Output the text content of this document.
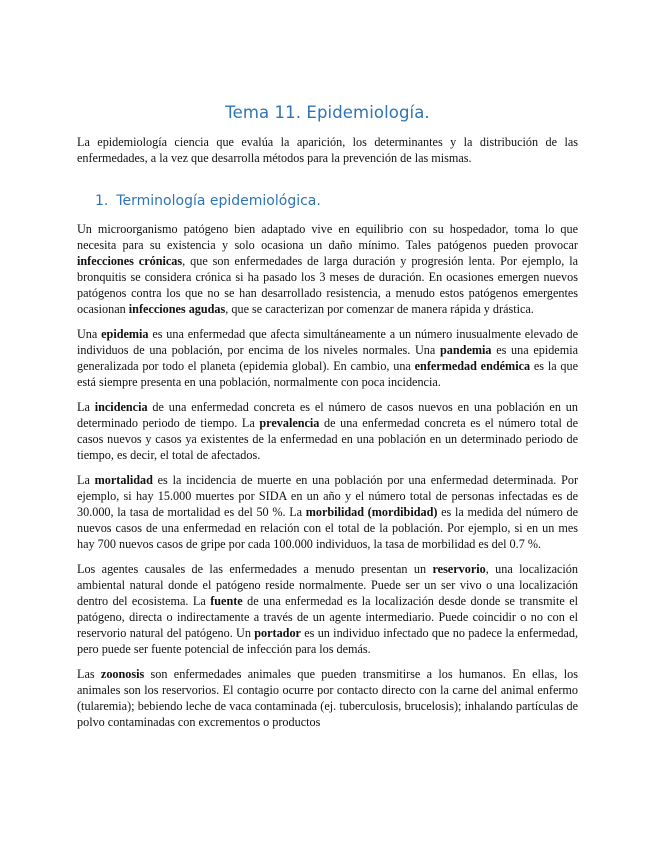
Tema 11. Epidemiología.

La epidemiología ciencia que evalúa la aparición, los determinantes y la distribución de las enfermedades, a la vez que desarrolla métodos para la prevención de las mismas.

1. Terminología epidemiológica.

Un microorganismo patógeno bien adaptado vive en equilibrio con su hospedador, toma lo que necesita para su existencia y solo ocasiona un daño mínimo. Tales patógenos pueden provocar infecciones crónicas, que son enfermedades de larga duración y progresión lenta. Por ejemplo, la bronquitis se considera crónica si ha pasado los 3 meses de duración. En ocasiones emergen nuevos patógenos contra los que no se han desarrollado resistencia, a menudo estos patógenos emergentes ocasionan infecciones agudas, que se caracterizan por comenzar de manera rápida y drástica.

Una epidemia es una enfermedad que afecta simultáneamente a un número inusualmente elevado de individuos de una población, por encima de los niveles normales. Una pandemia es una epidemia generalizada por todo el planeta (epidemia global). En cambio, una enfermedad endémica es la que está siempre presenta en una población, normalmente con poca incidencia.

La incidencia de una enfermedad concreta es el número de casos nuevos en una población en un determinado periodo de tiempo. La prevalencia de una enfermedad concreta es el número total de casos nuevos y casos ya existentes de la enfermedad en una población en un determinado periodo de tiempo, es decir, el total de afectados.

La mortalidad es la incidencia de muerte en una población por una enfermedad determinada. Por ejemplo, si hay 15.000 muertes por SIDA en un año y el número total de personas infectadas es de 30.000, la tasa de mortalidad es del 50 %. La morbilidad (mordibidad) es la medida del número de nuevos casos de una enfermedad en relación con el total de la población. Por ejemplo, si en un mes hay 700 nuevos casos de gripe por cada 100.000 individuos, la tasa de morbilidad es del 0.7 %.

Los agentes causales de las enfermedades a menudo presentan un reservorio, una localización ambiental natural donde el patógeno reside normalmente. Puede ser un ser vivo o una localización dentro del ecosistema. La fuente de una enfermedad es la localización desde donde se transmite el patógeno, directa o indirectamente a través de un agente intermediario. Puede coincidir o no con el reservorio natural del patógeno. Un portador es un individuo infectado que no padece la enfermedad, pero puede ser fuente potencial de infección para los demás.

Las zoonosis son enfermedades animales que pueden transmitirse a los humanos. En ellas, los animales son los reservorios. El contagio ocurre por contacto directo con la carne del animal enfermo (tularemia); bebiendo leche de vaca contaminada (ej. tuberculosis, brucelosis); inhalando partículas de polvo contaminadas con excrementos o productos
